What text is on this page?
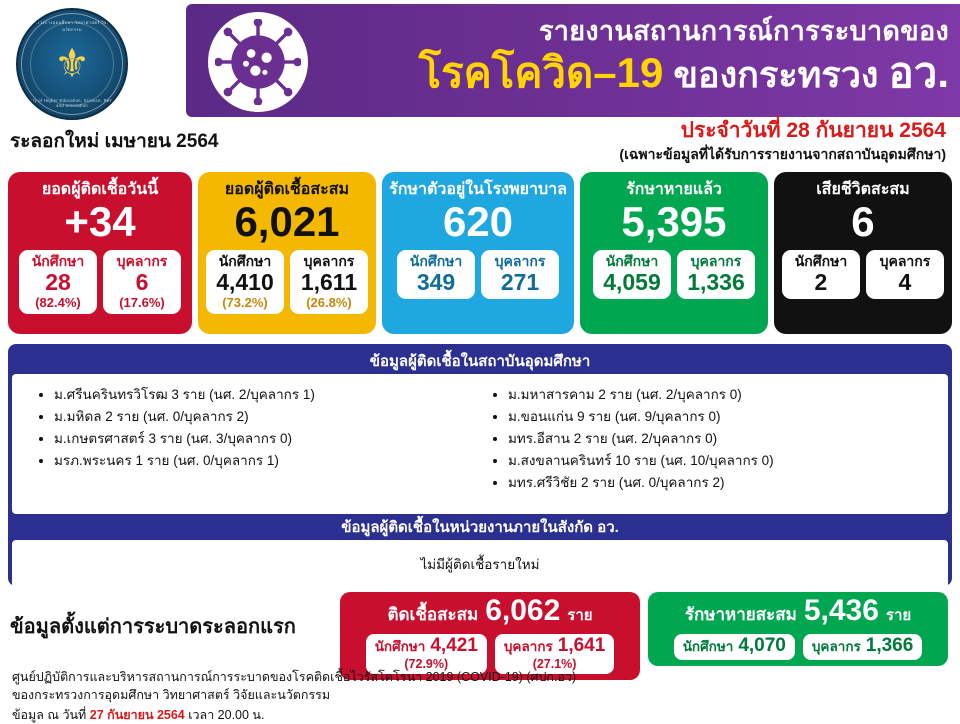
กระทรวงการอุดมศึกษา วิทยาศาสตร์ วิจัยและนวัตกรรม
⚜
Ministry of Higher Education, Science, Research and Innovation
รายงานสถานการณ์การระบาดของ
โรคโควิด–19 ของกระทรวง อว.
ระลอกใหม่ เมษายน 2564	ประจำวันที่ 28 กันยายน 2564
(เฉพาะข้อมูลที่ได้รับการรายงานจากสถาบันอุดมศึกษา)
ยอดผู้ติดเชื้อวันนี้
+34
นักศึกษา
28
(82.4%)
บุคลากร
6
(17.6%)
ยอดผู้ติดเชื้อสะสม
6,021
นักศึกษา
4,410
(73.2%)
บุคลากร
1,611
(26.8%)
รักษาตัวอยู่ในโรงพยาบาล
620
นักศึกษา
349
บุคลากร
271
รักษาหายแล้ว
5,395
นักศึกษา
4,059
บุคลากร
1,336
เสียชีวิตสะสม
6
นักศึกษา
2
บุคลากร
4
ข้อมูลผู้ติดเชื้อในสถาบันอุดมศึกษา
• ม.ศรีนครินทรวิโรฒ 3 ราย (นศ. 2/บุคลากร 1)
• ม.มหิดล 2 ราย (นศ. 0/บุคลากร 2)
• ม.เกษตรศาสตร์ 3 ราย (นศ. 3/บุคลากร 0)
• มรภ.พระนคร 1 ราย (นศ. 0/บุคลากร 1)
• ม.มหาสารคาม 2 ราย (นศ. 2/บุคลากร 0)
• ม.ขอนแก่น 9 ราย (นศ. 9/บุคลากร 0)
• มทร.อีสาน 2 ราย (นศ. 2/บุคลากร 0)
• ม.สงขลานครินทร์ 10 ราย (นศ. 10/บุคลากร 0)
• มทร.ศรีวิชัย 2 ราย (นศ. 0/บุคลากร 2)
ข้อมูลผู้ติดเชื้อในหน่วยงานภายในสังกัด อว.
ไม่มีผู้ติดเชื้อรายใหม่
ข้อมูลตั้งแต่การระบาดระลอกแรก
ติดเชื้อสะสม 6,062 ราย
นักศึกษา 4,421
(72.9%)
บุคลากร 1,641
(27.1%)
รักษาหายสะสม 5,436 ราย
นักศึกษา 4,070 บุคลากร 1,366
ศูนย์ปฏิบัติการและบริหารสถานการณ์การระบาดของโรคติดเชื้อไวรัสโคโรนา 2019 (COVID-19) (ศปก.อว)
ของกระทรวงการอุดมศึกษา วิทยาศาสตร์ วิจัยและนวัตกรรม
ข้อมูล ณ วันที่ 27 กันยายน 2564 เวลา 20.00 น.
